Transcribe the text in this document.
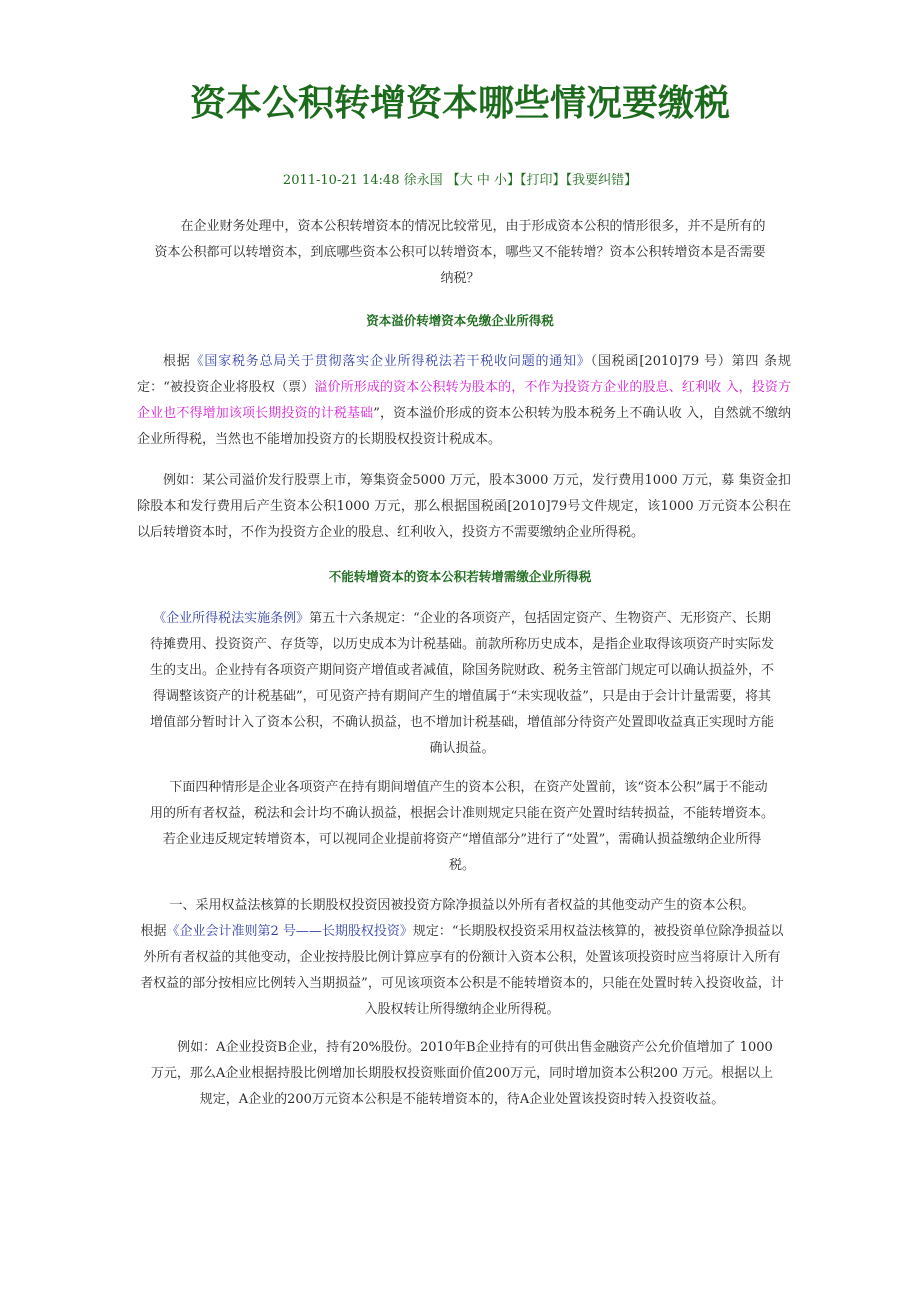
资本公积转增资本哪些情况要缴税
2011-10-21 14:48 徐永国 【大 中 小】【打印】【我要纠错】

在企业财务处理中，资本公积转增资本的情况比较常见，由于形成资本公积的情形很多，并不是所有的资本公积都可以转增资本，到底哪些资本公积可以转增资本，哪些又不能转增？资本公积转增资本是否需要纳税？

资本溢价转增资本免缴企业所得税

根据《国家税务总局关于贯彻落实企业所得税法若干税收问题的通知》（国税函[2010]79 号）第四 条规定：“被投资企业将股权（票）溢价所形成的资本公积转为股本的，不作为投资方企业的股息、红利收 入，投资方企业也不得增加该项长期投资的计税基础”，资本溢价形成的资本公积转为股本税务上不确认收 入，自然就不缴纳企业所得税，当然也不能增加投资方的长期股权投资计税成本。

例如：某公司溢价发行股票上市，筹集资金5000 万元，股本3000 万元，发行费用1000 万元，募 集资金扣除股本和发行费用后产生资本公积1000 万元，那么根据国税函[2010]79号文件规定，该1000 万元资本公积在以后转增资本时，不作为投资方企业的股息、红利收入，投资方不需要缴纳企业所得税。

不能转增资本的资本公积若转增需缴企业所得税

《企业所得税法实施条例》第五十六条规定：“企业的各项资产，包括固定资产、生物资产、无形资产、长期待摊费用、投资资产、存货等，以历史成本为计税基础。前款所称历史成本，是指企业取得该项资产时实际发生的支出。企业持有各项资产期间资产增值或者减值，除国务院财政、税务主管部门规定可以确认损益外，不得调整该资产的计税基础”，可见资产持有期间产生的增值属于“未实现收益”，只是由于会计计量需要，将其增值部分暂时计入了资本公积，不确认损益，也不增加计税基础，增值部分待资产处置即收益真正实现时方能确认损益。

下面四种情形是企业各项资产在持有期间增值产生的资本公积，在资产处置前，该“资本公积”属于不能动用的所有者权益，税法和会计均不确认损益，根据会计准则规定只能在资产处置时结转损益，不能转增资本。若企业违反规定转增资本，可以视同企业提前将资产“增值部分”进行了“处置”，需确认损益缴纳企业所得税。

一、采用权益法核算的长期股权投资因被投资方除净损益以外所有者权益的其他变动产生的资本公积。
根据《企业会计准则第2 号——长期股权投资》规定：“长期股权投资采用权益法核算的，被投资单位除净损益以外所有者权益的其他变动，企业按持股比例计算应享有的份额计入资本公积，处置该项投资时应当将原计入所有者权益的部分按相应比例转入当期损益”，可见该项资本公积是不能转增资本的，只能在处置时转入投资收益，计入股权转让所得缴纳企业所得税。

例如：A企业投资B企业，持有20%股份。2010年B企业持有的可供出售金融资产公允价值增加了 1000万元，那么A企业根据持股比例增加长期股权投资账面价值200万元，同时增加资本公积200 万元。根据以上规定，A企业的200万元资本公积是不能转增资本的，待A企业处置该投资时转入投资收益。
